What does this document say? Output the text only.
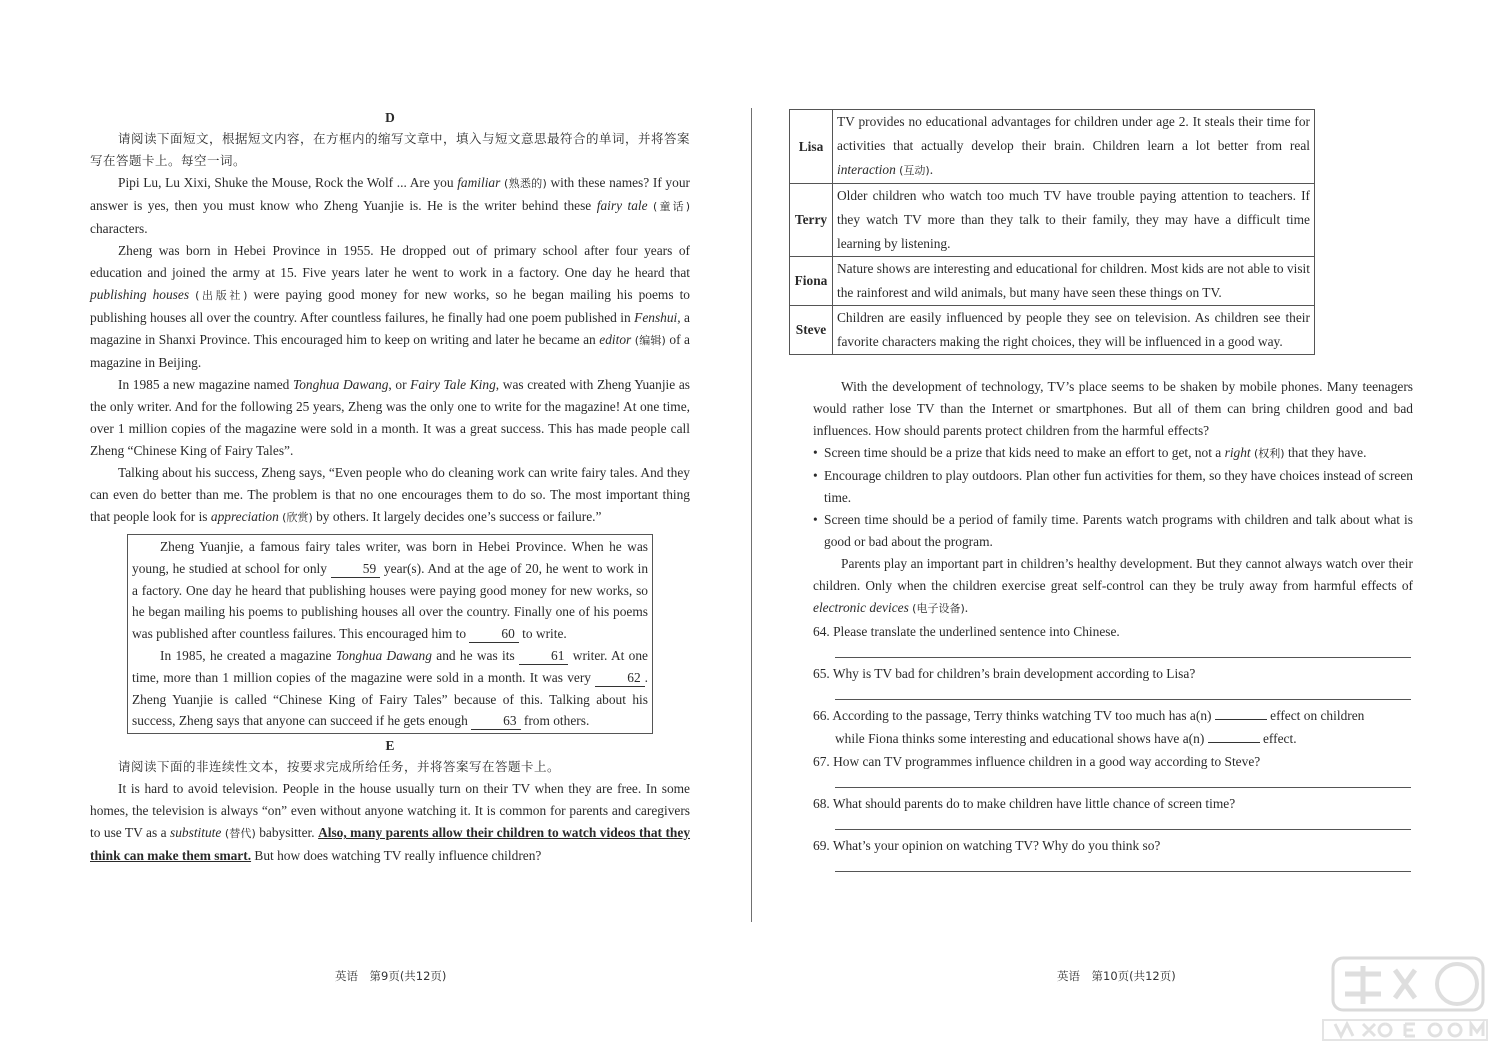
D

请阅读下面短文，根据短文内容，在方框内的缩写文章中，填入与短文意思最符合的单词，并将答案写在答题卡上。每空一词。

Pipi Lu, Lu Xixi, Shuke the Mouse, Rock the Wolf ... Are you familiar (熟悉的) with these names? If your answer is yes, then you must know who Zheng Yuanjie is. He is the writer behind these fairy tale (童话) characters.

Zheng was born in Hebei Province in 1955. He dropped out of primary school after four years of education and joined the army at 15. Five years later he went to work in a factory. One day he heard that publishing houses (出版社) were paying good money for new works, so he began mailing his poems to publishing houses all over the country. After countless failures, he finally had one poem published in Fenshui, a magazine in Shanxi Province. This encouraged him to keep on writing and later he became an editor (编辑) of a magazine in Beijing.

In 1985 a new magazine named Tonghua Dawang, or Fairy Tale King, was created with Zheng Yuanjie as the only writer. And for the following 25 years, Zheng was the only one to write for the magazine! At one time, over 1 million copies of the magazine were sold in a month. It was a great success. This has made people call Zheng “Chinese King of Fairy Tales”.

Talking about his success, Zheng says, “Even people who do cleaning work can write fairy tales. And they can even do better than me. The problem is that no one encourages them to do so. The most important thing that people look for is appreciation (欣赏) by others. It largely decides one’s success or failure.”

Zheng Yuanjie, a famous fairy tales writer, was born in Hebei Province. When he was young, he studied at school for only 59 year(s). And at the age of 20, he went to work in a factory. One day he heard that publishing houses were paying good money for new works, so he began mailing his poems to publishing houses all over the country. Finally one of his poems was published after countless failures. This encouraged him to 60 to write.

In 1985, he created a magazine Tonghua Dawang and he was its 61 writer. At one time, more than 1 million copies of the magazine were sold in a month. It was very 62 . Zheng Yuanjie is called “Chinese King of Fairy Tales” because of this. Talking about his success, Zheng says that anyone can succeed if he gets enough 63 from others.

E

请阅读下面的非连续性文本，按要求完成所给任务，并将答案写在答题卡上。

It is hard to avoid television. People in the house usually turn on their TV when they are free. In some homes, the television is always “on” even without anyone watching it. It is common for parents and caregivers to use TV as a substitute (替代) babysitter. Also, many parents allow their children to watch videos that they think can make them smart. But how does watching TV really influence children?

英语　第9页(共12页)
Lisa	TV provides no educational advantages for children under age 2. It steals their time for activities that actually develop their brain. Children learn a lot better from real interaction (互动).
Terry	Older children who watch too much TV have trouble paying attention to teachers. If they watch TV more than they talk to their family, they may have a difficult time learning by listening.
Fiona	Nature shows are interesting and educational for children. Most kids are not able to visit the rainforest and wild animals, but many have seen these things on TV.
Steve	Children are easily influenced by people they see on television. As children see their favorite characters making the right choices, they will be influenced in a good way.

With the development of technology, TV’s place seems to be shaken by mobile phones. Many teenagers would rather lose TV than the Internet or smartphones. But all of them can bring children good and bad influences. How should parents protect children from the harmful effects?

• Screen time should be a prize that kids need to make an effort to get, not a right (权利) that they have.
• Encourage children to play outdoors. Plan other fun activities for them, so they have choices instead of screen time.
• Screen time should be a period of family time. Parents watch programs with children and talk about what is good or bad about the program.

Parents play an important part in children’s healthy development. But they cannot always watch over their children. Only when the children exercise great self-control can they be truly away from harmful effects of electronic devices (电子设备).

64. Please translate the underlined sentence into Chinese.

65. Why is TV bad for children’s brain development according to Lisa?

66. According to the passage, Terry thinks watching TV too much has a(n)	effect on children

while Fiona thinks some interesting and educational shows have a(n)	effect.

67. How can TV programmes influence children in a good way according to Steve?

68. What should parents do to make children have little chance of screen time?

69. What’s your opinion on watching TV? Why do you think so?

英语　第10页(共12页)
